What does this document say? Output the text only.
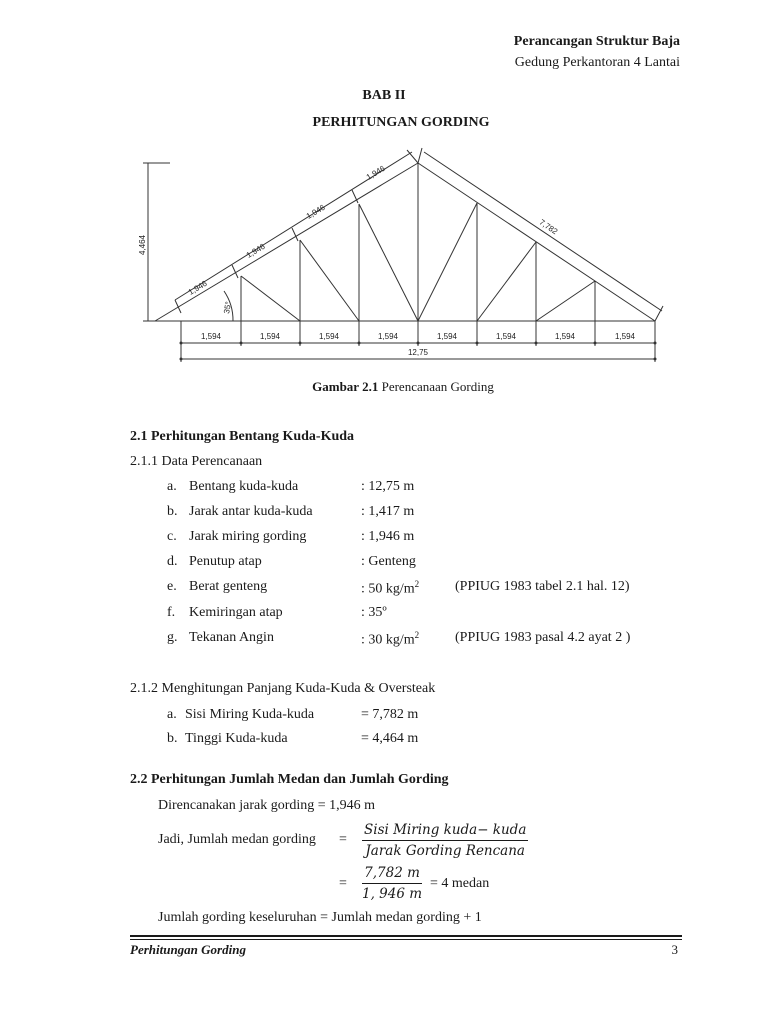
Perancangan Struktur Baja
Gedung Perkantoran 4 Lantai
BAB II
PERHITUNGAN GORDING
4,464
1,946
1,946
1,946
1,946
7,782
35°
1,594	1,594	1,594	1,594	1,594	1,594	1,594	1,594
12,75
Gambar 2.1 Perencanaan Gording
2.1 Perhitungan Bentang Kuda-Kuda
2.1.1 Data Perencanaan
a. Bentang kuda-kuda	: 12,75 m
b. Jarak antar kuda-kuda	: 1,417 m
c. Jarak miring gording	: 1,946 m
d. Penutup atap	: Genteng
e. Berat genteng	: 50 $kg/m^2$	(PPIUG 1983 tabel 2.1 hal. 12)
f. Kemiringan atap	: 35º
g. Tekanan Angin	: 30 $kg/m^2$	(PPIUG 1983 pasal 4.2 ayat 2 )
2.1.2 Menghitungan Panjang Kuda-Kuda & Oversteak
a. Sisi Miring Kuda-kuda	= 7,782 m
b. Tinggi Kuda-kuda	= 4,464 m
2.2 Perhitungan Jumlah Medan dan Jumlah Gording
Direncanakan jarak gording = 1,946 m
Jadi, Jumlah medan gording =
Sisi Miring kuda− kuda
Jarak Gording Rencana
= $\frac{7,782 m}{1, 946 m} = 4$ medan
Jumlah gording keseluruhan = Jumlah medan gording + 1
Perhitungan Gording	3
